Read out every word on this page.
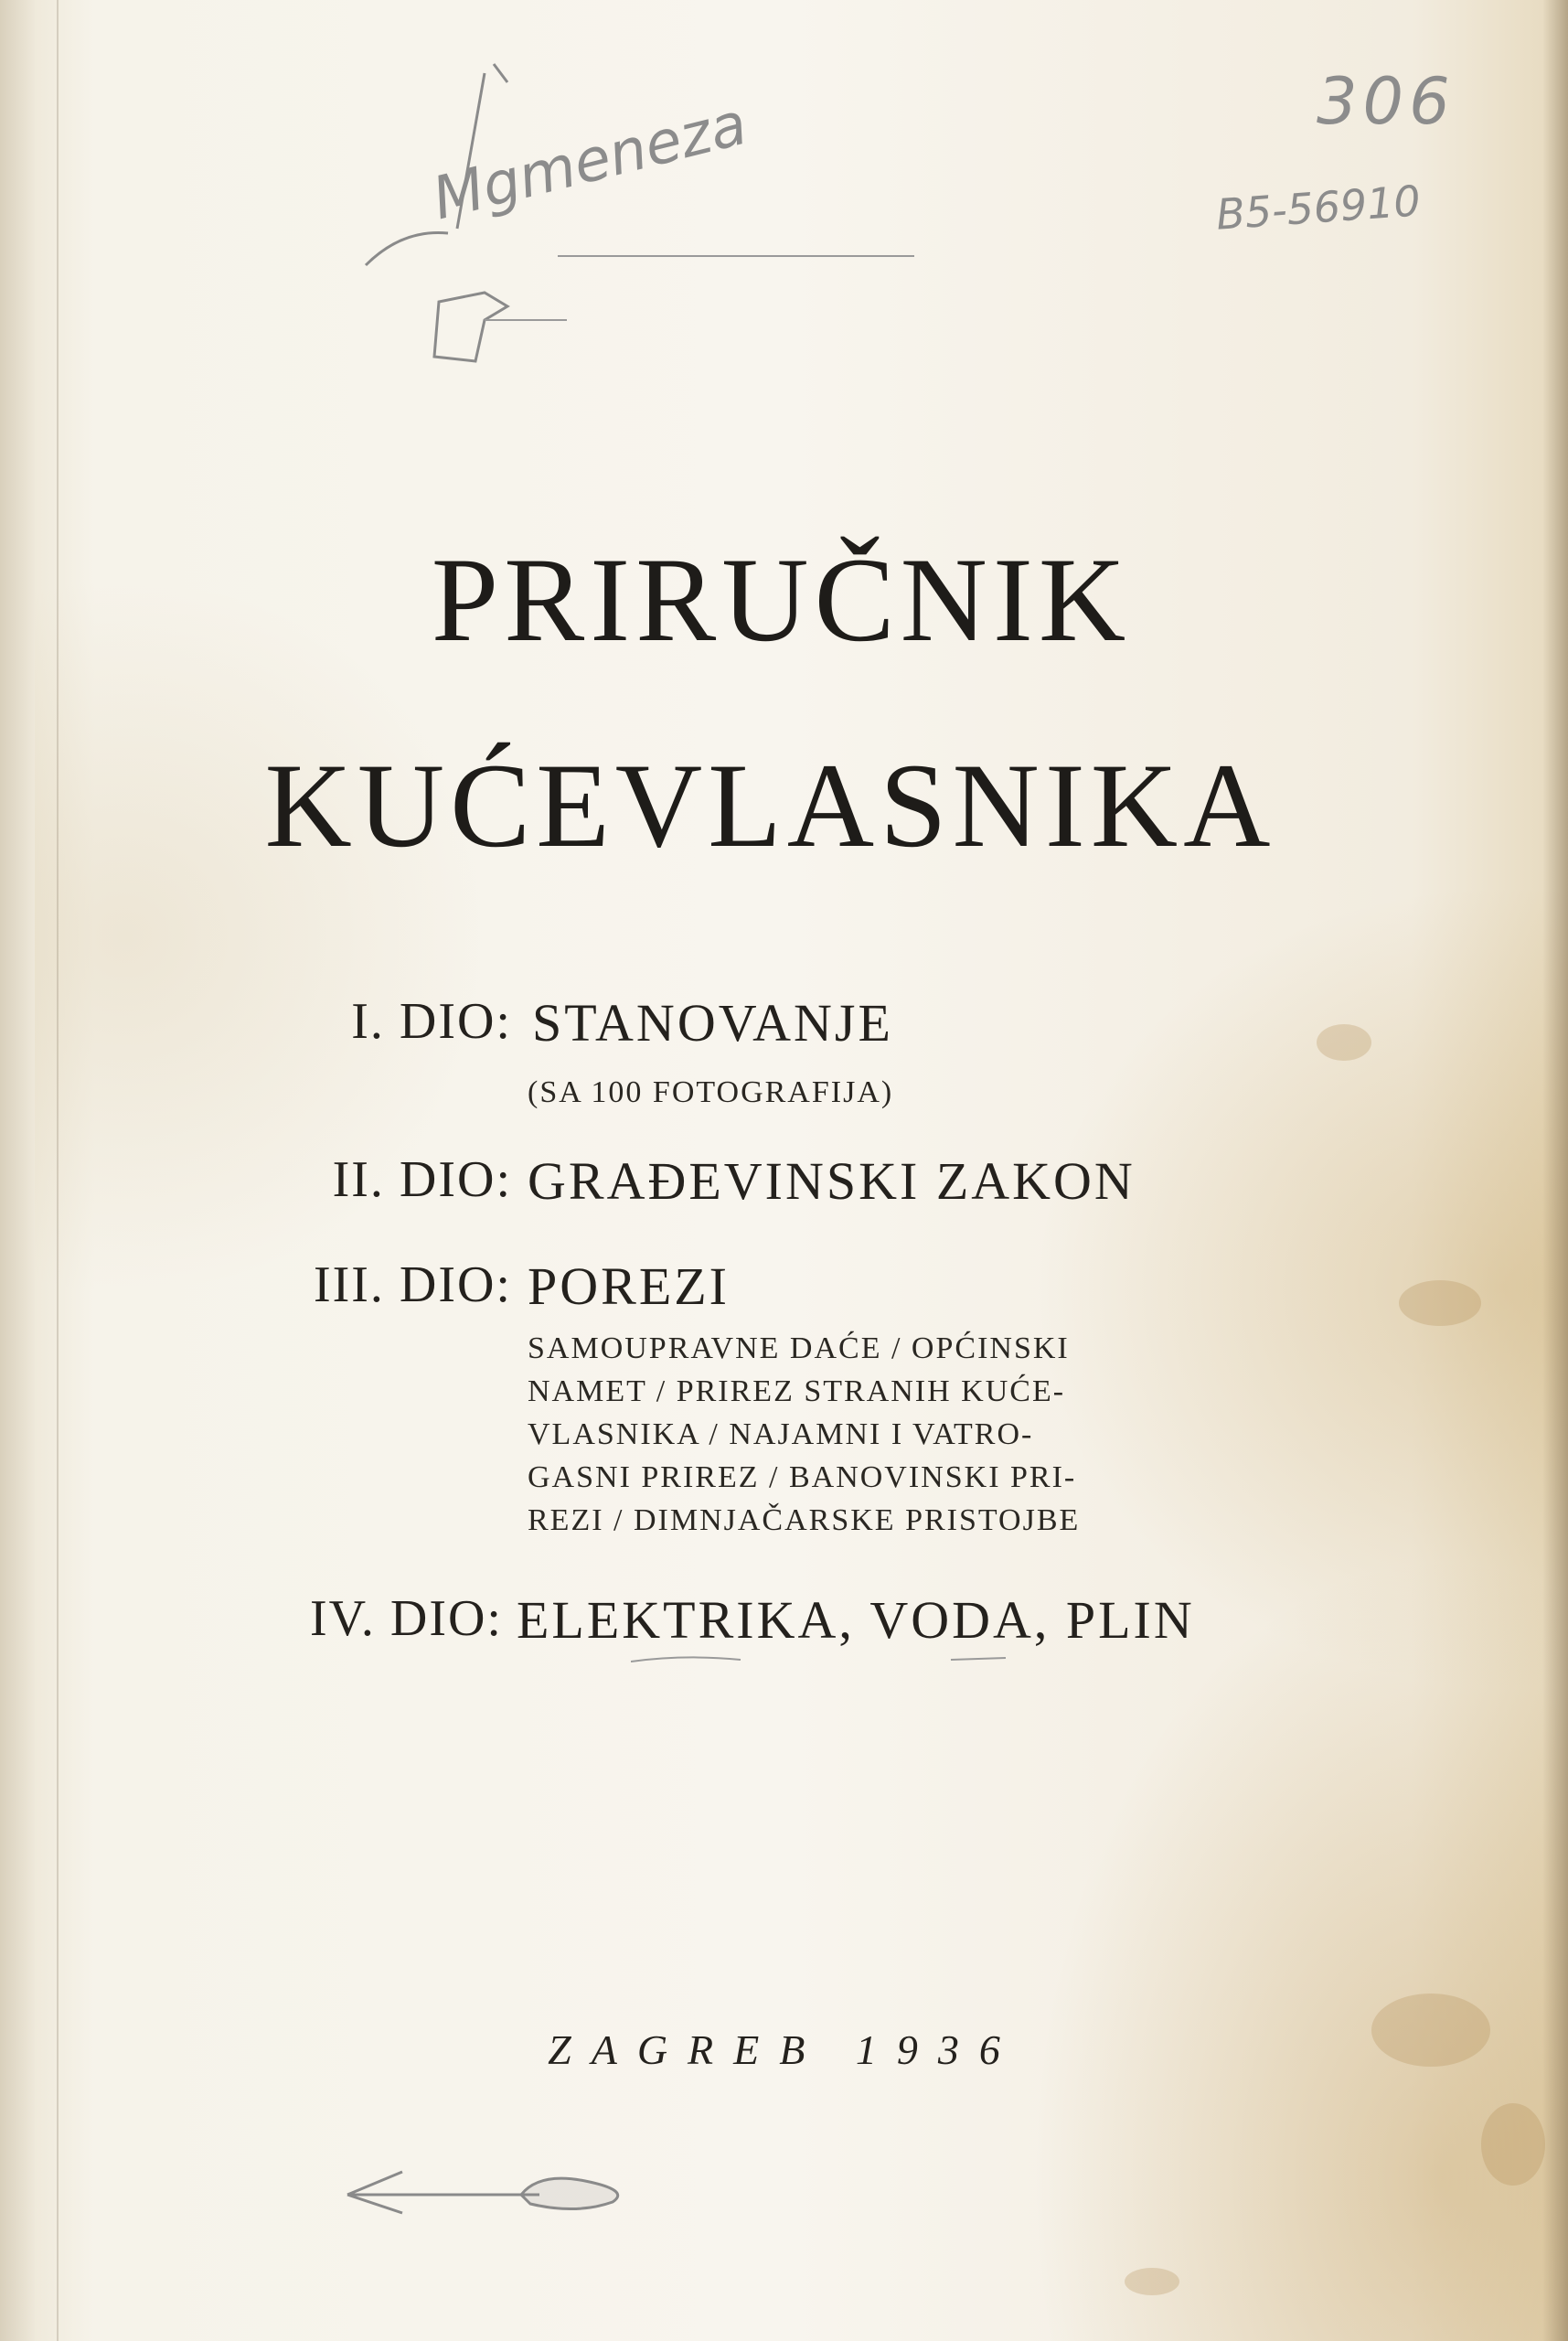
Mgmeneza	306
B5-56910
PRIRUČNIK
KUĆEVLASNIKA
I. DIO: STANOVANJE
(SA 100 FOTOGRAFIJA)
II. DIO: GRAĐEVINSKI ZAKON
III. DIO: POREZI
SAMOUPRAVNE DAĆE / OPĆINSKI
NAMET / PRIREZ STRANIH KUĆE-
VLASNIKA / NAJAMNI I VATRO-
GASNI PRIREZ / BANOVINSKI PRI-
REZI / DIMNJAČARSKE PRISTOJBE
IV. DIO: ELEKTRIKA, VODA, PLIN
ZAGREB 1936
